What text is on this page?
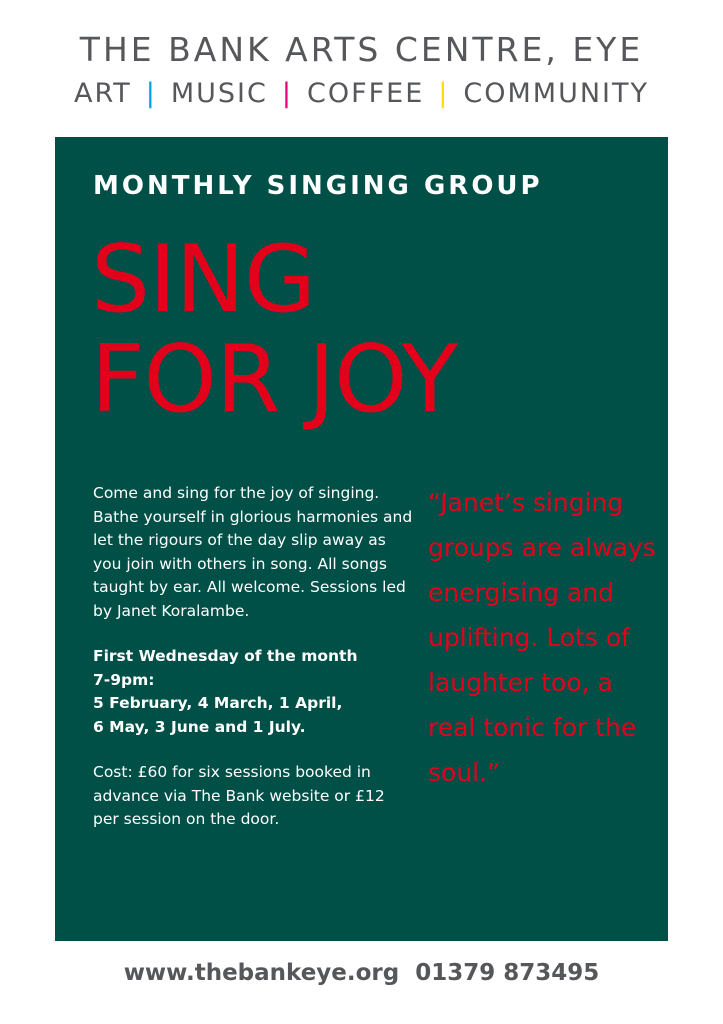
THE BANK ARTS CENTRE, EYE
ART | MUSIC | COFFEE | COMMUNITY
MONTHLY SINGING GROUP
SING
FOR JOY

Come and sing for the joy of singing. Bathe yourself in glorious harmonies and let the rigours of the day slip away as you join with others in song. All songs taught by ear. All welcome. Sessions led by Janet Koralambe.

First Wednesday of the month
7-9pm:
5 February, 4 March, 1 April,
6 May, 3 June and 1 July.

Cost: £60 for six sessions booked in advance via The Bank website or £12 per session on the door.

“Janet’s singing groups are always energising and uplifting. Lots of laughter too, a real tonic for the soul.”
www.thebankeye.org 01379 873495
